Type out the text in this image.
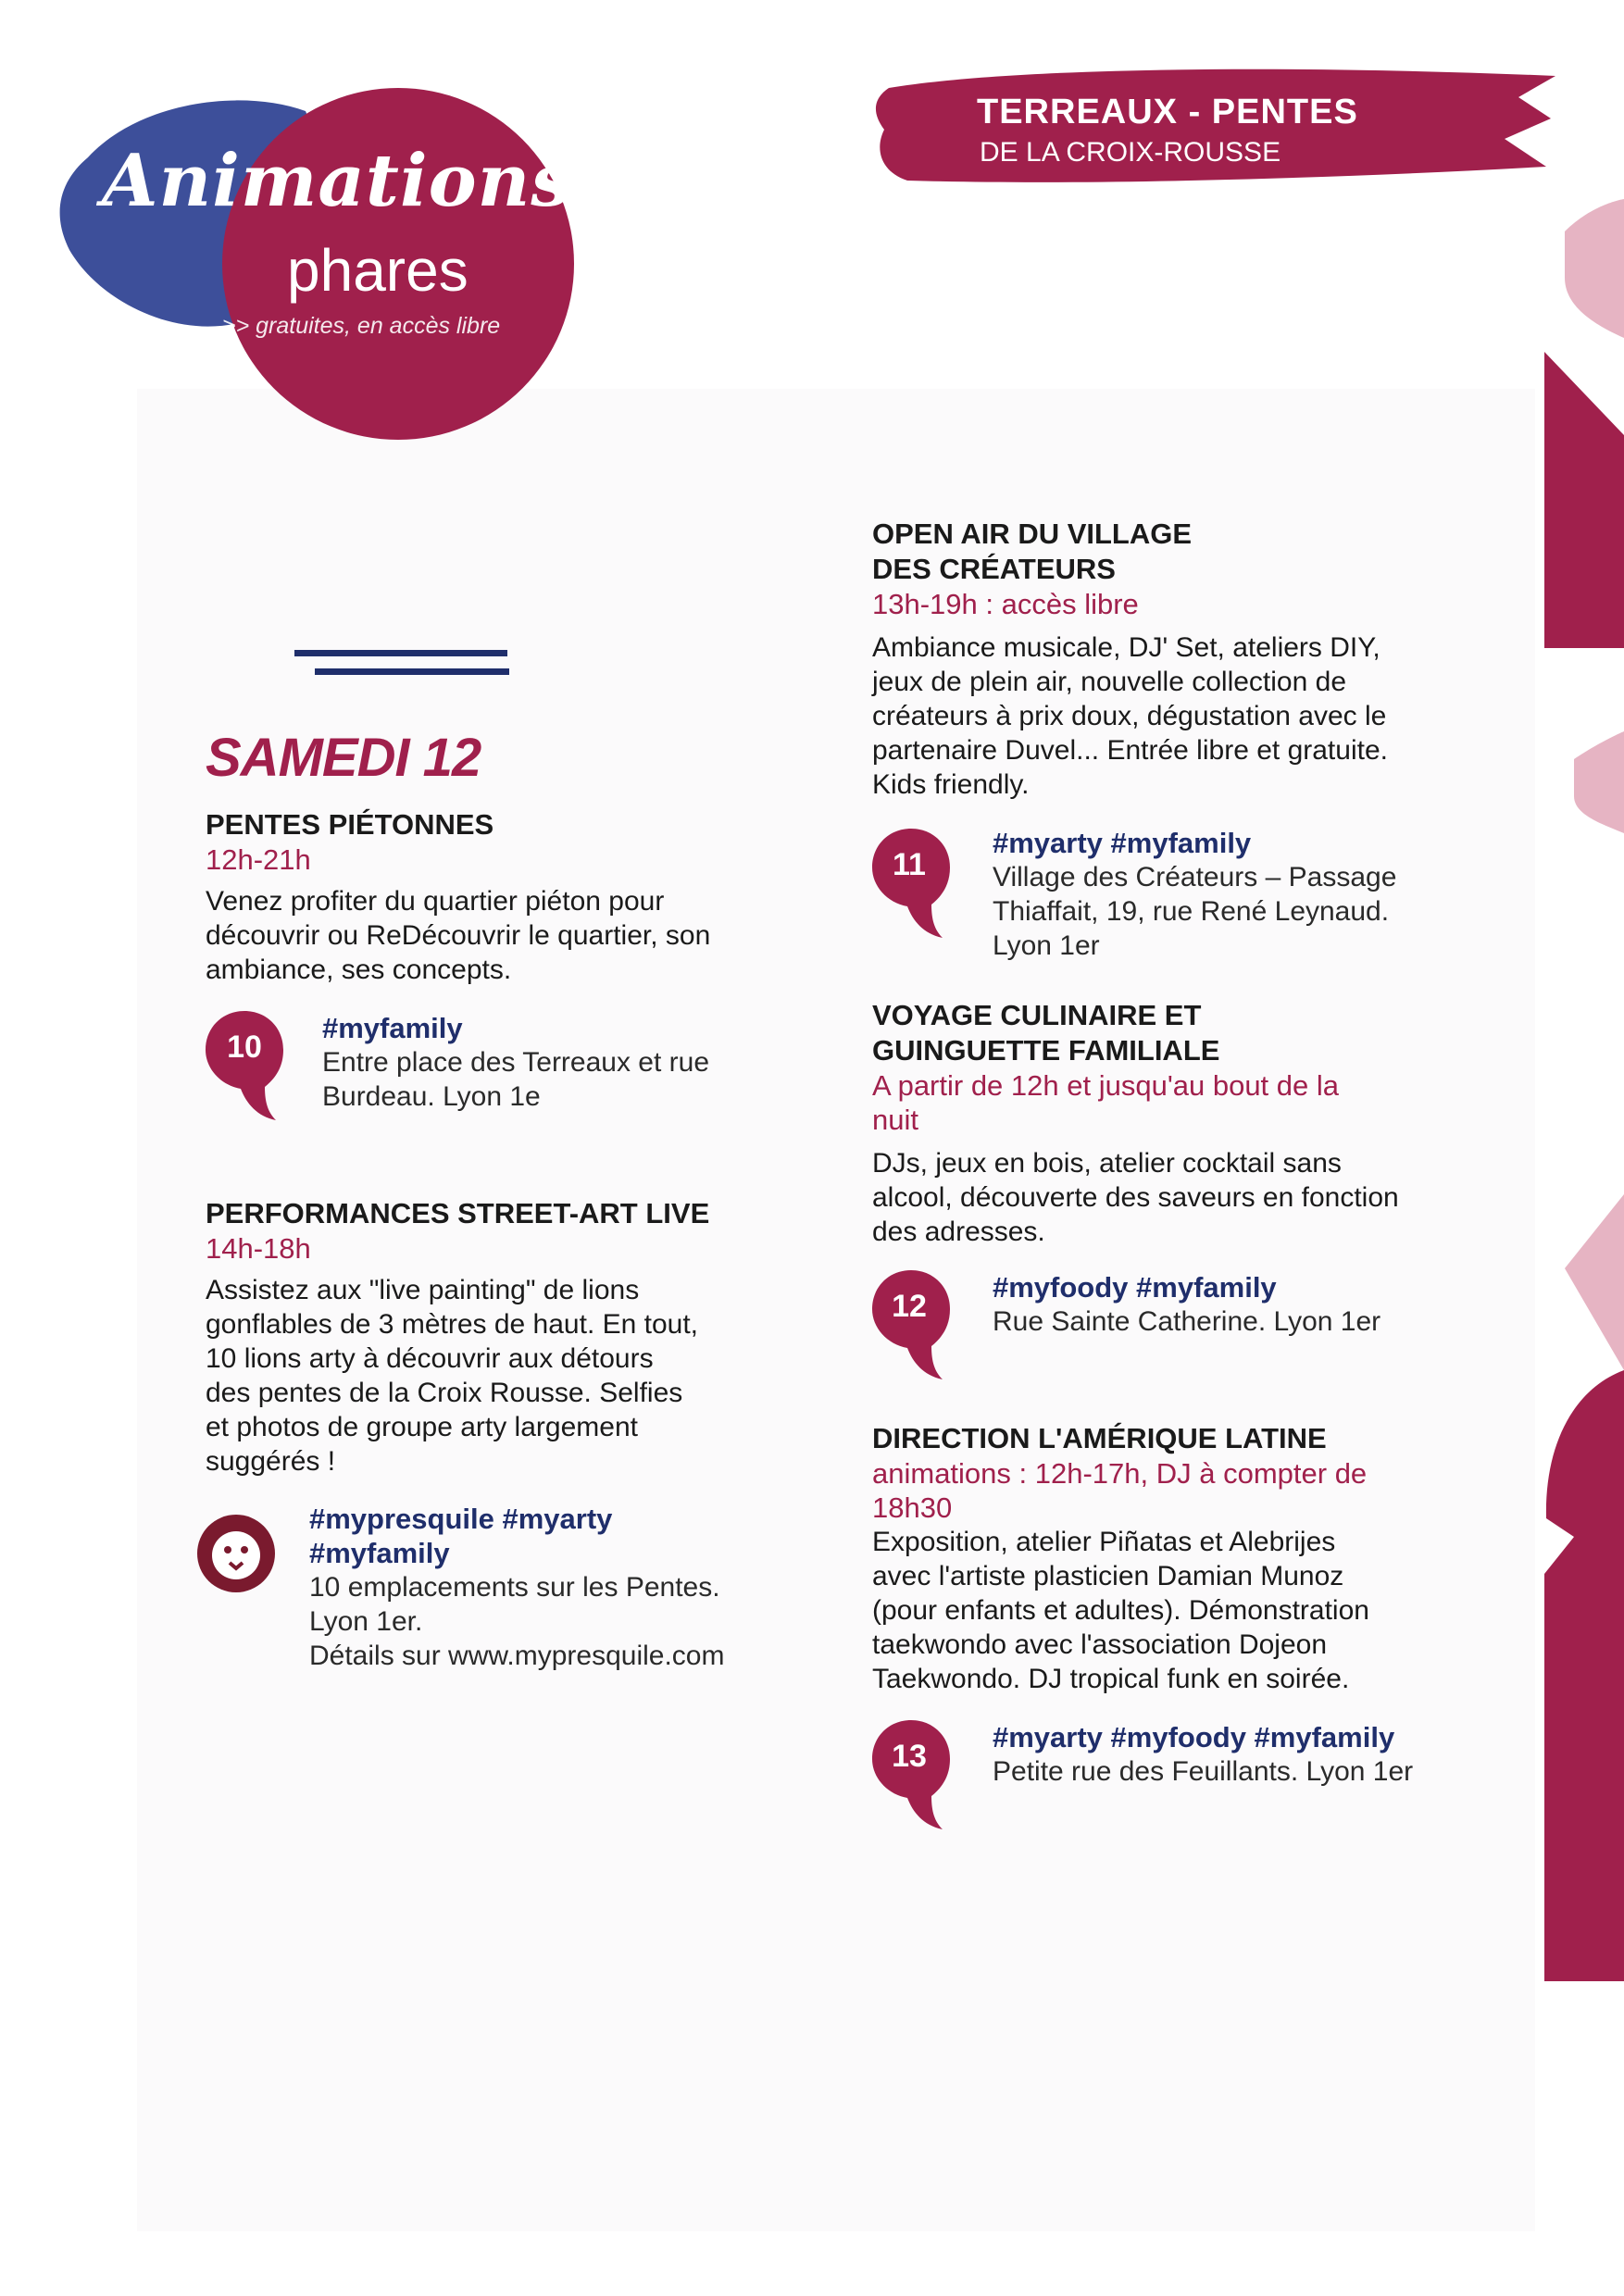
Animations
phares
>> gratuites, en accès libre
TERREAUX - PENTES
DE LA CROIX-ROUSSE
SAMEDI 12
PENTES PIÉTONNES
12h-21h
Venez profiter du quartier piéton pour
découvrir ou ReDécouvrir le quartier, son
ambiance, ses concepts.
10
#myfamily
Entre place des Terreaux et rue
Burdeau. Lyon 1e
PERFORMANCES STREET-ART LIVE
14h-18h
Assistez aux "live painting" de lions
gonflables de 3 mètres de haut. En tout,
10 lions arty à découvrir aux détours
des pentes de la Croix Rousse. Selfies
et photos de groupe arty largement
suggérés !
#mypresquile #myarty
#myfamily
10 emplacements sur les Pentes.
Lyon 1er.
Détails sur www.mypresquile.com
OPEN AIR DU VILLAGE
DES CRÉATEURS
13h-19h : accès libre
Ambiance musicale, DJ' Set, ateliers DIY,
jeux de plein air, nouvelle collection de
créateurs à prix doux, dégustation avec le
partenaire Duvel... Entrée libre et gratuite.
Kids friendly.
11
#myarty #myfamily
Village des Créateurs – Passage
Thiaffait, 19, rue René Leynaud.
Lyon 1er
VOYAGE CULINAIRE ET
GUINGUETTE FAMILIALE
A partir de 12h et jusqu'au bout de la
nuit
DJs, jeux en bois, atelier cocktail sans
alcool, découverte des saveurs en fonction
des adresses.
12
#myfoody #myfamily
Rue Sainte Catherine. Lyon 1er
DIRECTION L'AMÉRIQUE LATINE
animations : 12h-17h, DJ à compter de
18h30
Exposition, atelier Piñatas et Alebrijes
avec l'artiste plasticien Damian Munoz
(pour enfants et adultes). Démonstration
taekwondo avec l'association Dojeon
Taekwondo. DJ tropical funk en soirée.
13
#myarty #myfoody #myfamily
Petite rue des Feuillants. Lyon 1er
